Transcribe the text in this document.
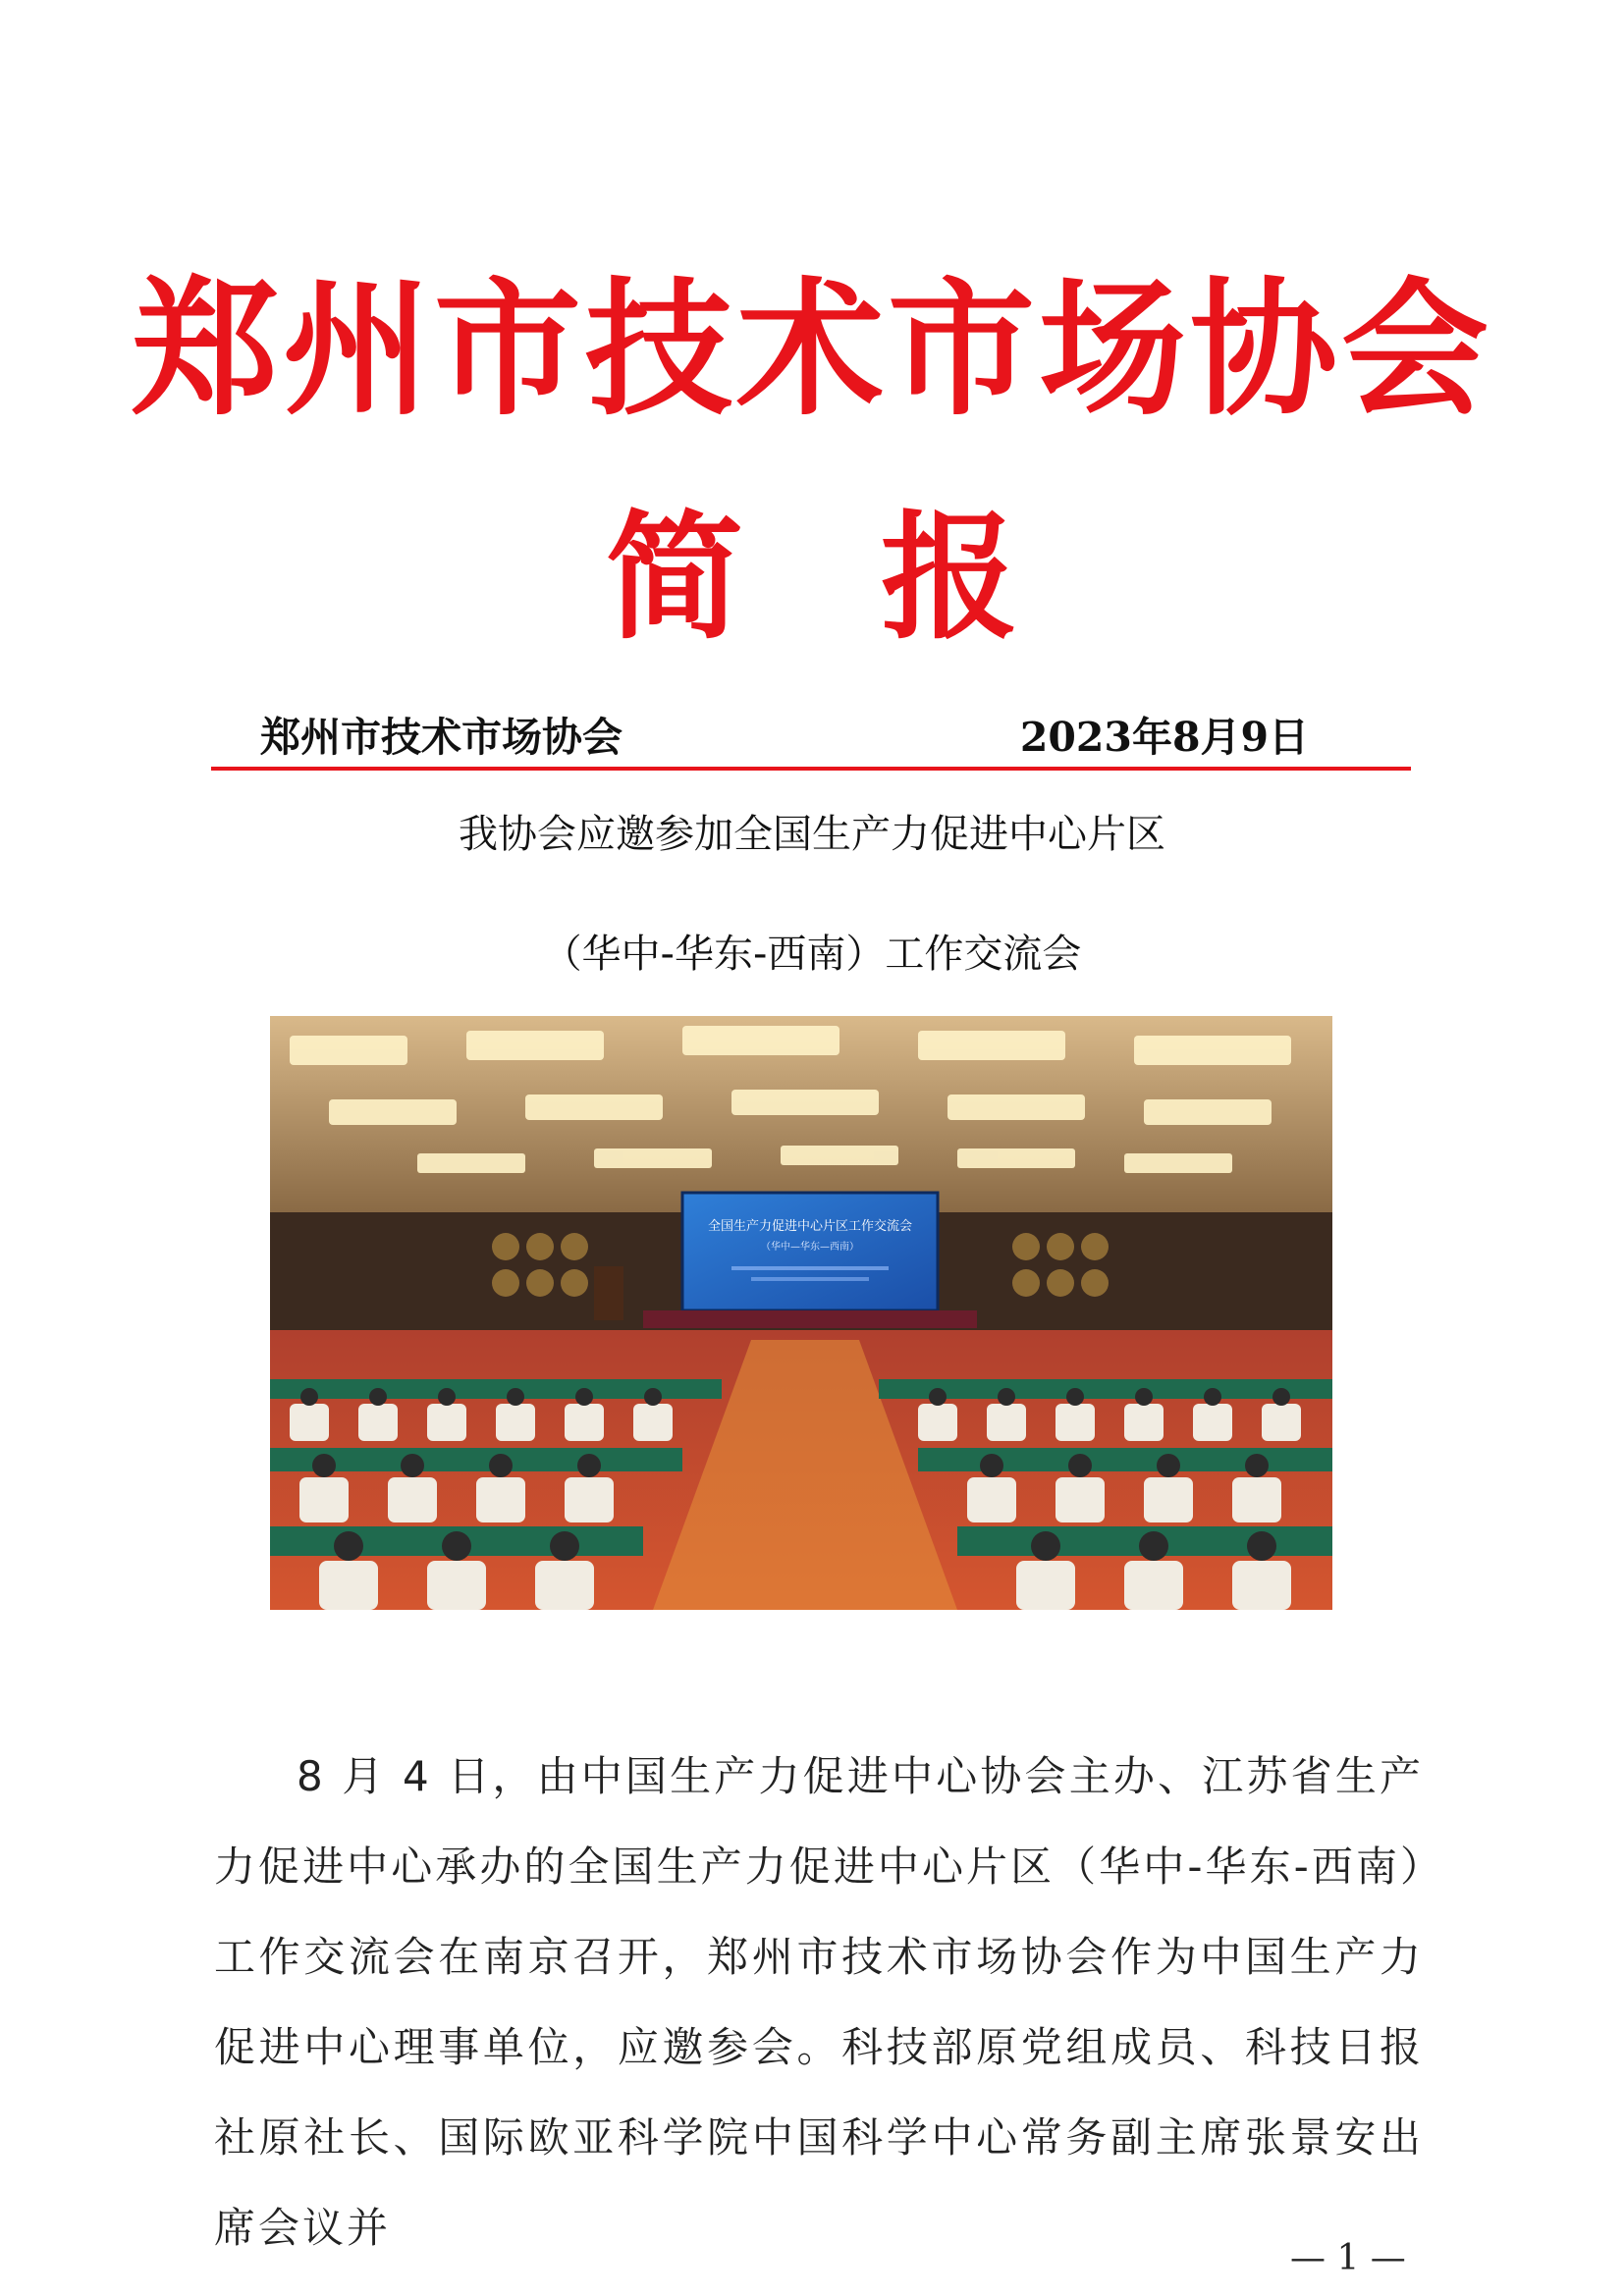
郑州市技术市场协会
简报
郑州市技术市场协会	2023年8月9日
我协会应邀参加全国生产力促进中心片区
（华中-华东-西南）工作交流会
全国生产力促进中心片区工作交流会
（华中—华东—西南）
8 月 4 日，由中国生产力促进中心协会主办、江苏省生产力促进中心承办的全国生产力促进中心片区（华中-华东-西南）工作交流会在南京召开，郑州市技术市场协会作为中国生产力促进中心理事单位，应邀参会。科技部原党组成员、科技日报社原社长、国际欧亚科学院中国科学中心常务副主席张景安出席会议并
— 1 —
